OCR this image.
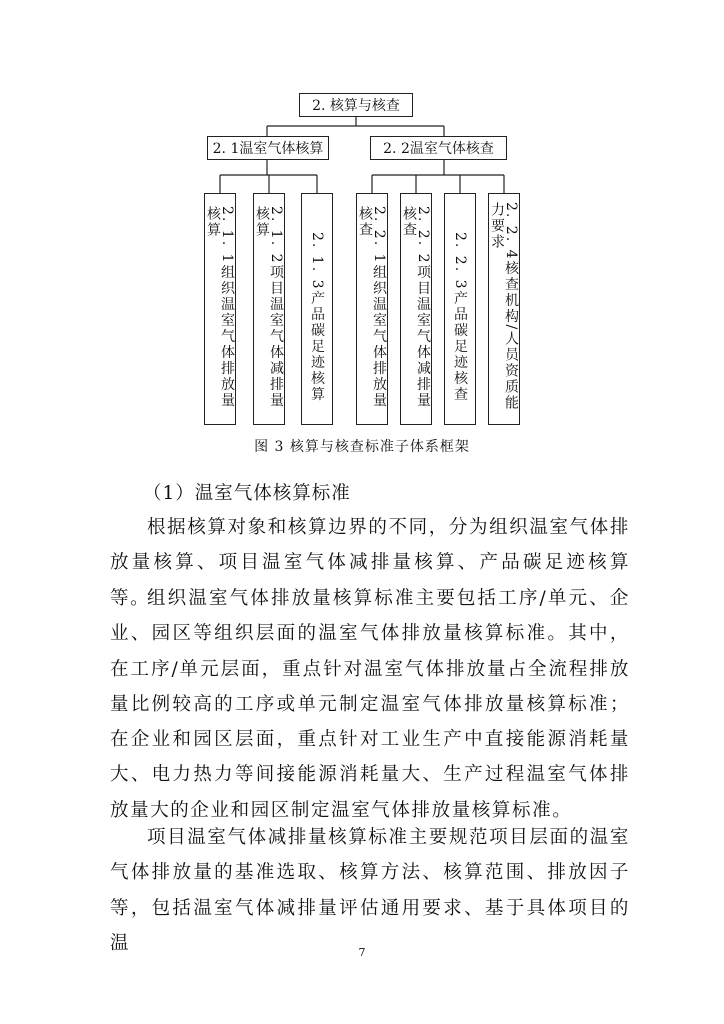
2. 核算与核查
2. 1温室气体核算	2. 2温室气体核查
2. 1. 1组织温室气体排放量核算	2. 1. 2项目温室气体减排量核算
2. 1. 3产品碳足迹核算	2. 2. 1组织温室气体排放量核查	2. 2. 2项目温室气体减排量核查
2. 2. 3产品碳足迹核查	2. 2. 4核查机构/人员资质能力要求
图 3 核算与核查标准子体系框架
（1）温室气体核算标准

根据核算对象和核算边界的不同，分为组织温室气体排放量核算、项目温室气体减排量核算、产品碳足迹核算等。

组织温室气体排放量核算标准主要包括工序/单元、企业、园区等组织层面的温室气体排放量核算标准。其中，在工序/单元层面，重点针对温室气体排放量占全流程排放量比例较高的工序或单元制定温室气体排放量核算标准；在企业和园区层面，重点针对工业生产中直接能源消耗量大、电力热力等间接能源消耗量大、生产过程温室气体排放量大的企业和园区制定温室气体排放量核算标准。

项目温室气体减排量核算标准主要规范项目层面的温室气体排放量的基准选取、核算方法、核算范围、排放因子等，包括温室气体减排量评估通用要求、基于具体项目的温	7
